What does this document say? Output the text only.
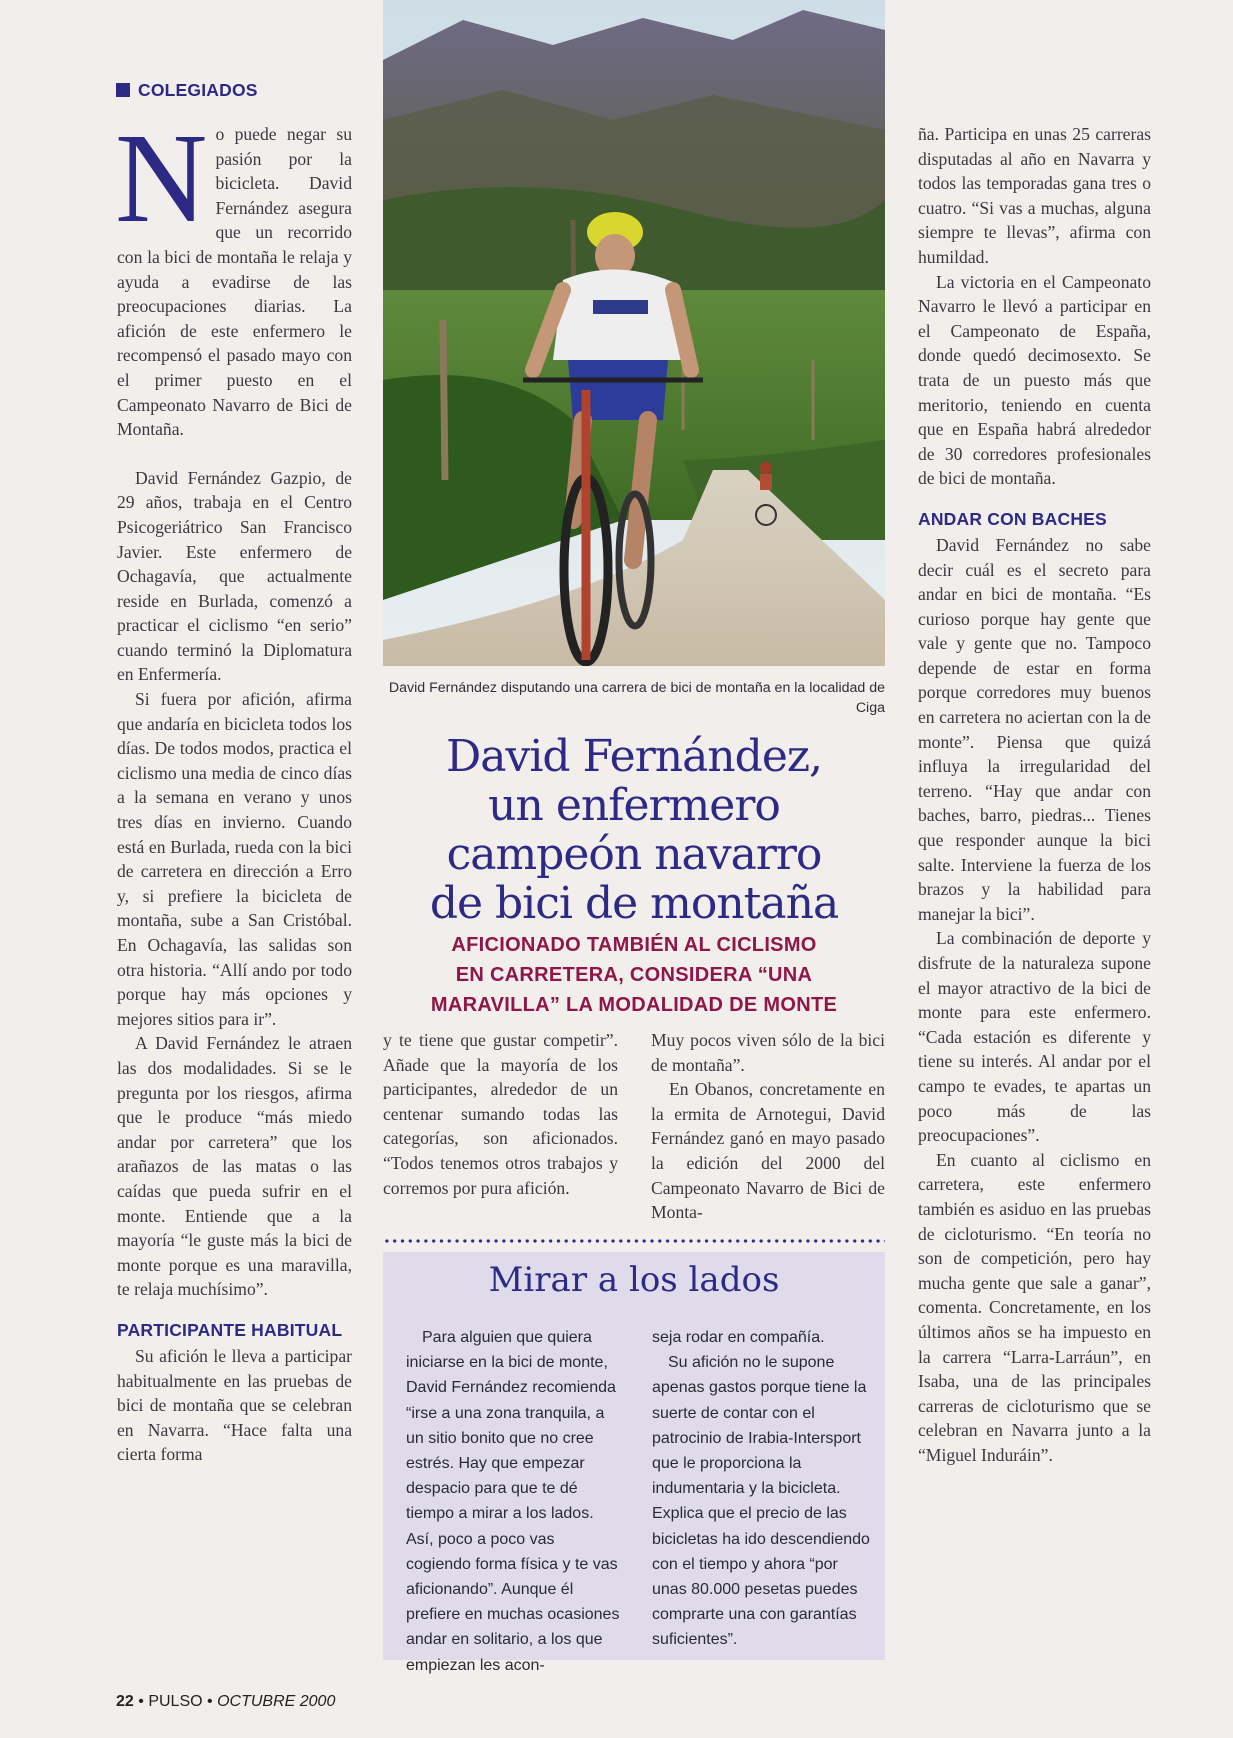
COLEGIADOS

No puede negar su pasión por la bicicleta. David Fernández asegura que un recorrido con la bici de montaña le relaja y ayuda a evadirse de las preocupaciones diarias. La afición de este enfermero le recompensó el pasado mayo con el primer puesto en el Campeonato Navarro de Bici de Montaña.

David Fernández Gazpio, de 29 años, trabaja en el Centro Psicogeriátrico San Francisco Javier. Este enfermero de Ochagavía, que actualmente reside en Burlada, comenzó a practicar el ciclismo “en serio” cuando terminó la Diplomatura en Enfermería.

Si fuera por afición, afirma que andaría en bicicleta todos los días. De todos modos, practica el ciclismo una media de cinco días a la semana en verano y unos tres días en invierno. Cuando está en Burlada, rueda con la bici de carretera en dirección a Erro y, si prefiere la bicicleta de montaña, sube a San Cristóbal. En Ochagavía, las salidas son otra historia. “Allí ando por todo porque hay más opciones y mejores sitios para ir”.

A David Fernández le atraen las dos modalidades. Si se le pregunta por los riesgos, afirma que le produce “más miedo andar por carretera” que los arañazos de las matas o las caídas que pueda sufrir en el monte. Entiende que a la mayoría “le guste más la bici de monte porque es una maravilla, te relaja muchísimo”.

PARTICIPANTE HABITUAL

Su afición le lleva a participar habitualmente en las pruebas de bici de montaña que se celebran en Navarra. “Hace falta una cierta forma

David Fernández disputando una carrera de bici de montaña en la localidad de Ciga
David Fernández,
un enfermero
campeón navarro
de bici de montaña
AFICIONADO TAMBIÉN AL CICLISMO
EN CARRETERA, CONSIDERA “UNA
MARAVILLA” LA MODALIDAD DE MONTE

y te tiene que gustar competir”. Añade que la mayoría de los participantes, alrededor de un centenar sumando todas las categorías, son aficionados. “Todos tenemos otros trabajos y corremos por pura afición.

Muy pocos viven sólo de la bici de montaña”.

En Obanos, concretamente en la ermita de Arnotegui, David Fernández ganó en mayo pasado la edición del 2000 del Campeonato Navarro de Bici de Monta-

Mirar a los lados

Para alguien que quiera iniciarse en la bici de monte, David Fernández recomienda “irse a una zona tranquila, a un sitio bonito que no cree estrés. Hay que empezar despacio para que te dé tiempo a mirar a los lados. Así, poco a poco vas cogiendo forma física y te vas aficionando”. Aunque él prefiere en muchas ocasiones andar en solitario, a los que empiezan les acon-

seja rodar en compañía.

Su afición no le supone apenas gastos porque tiene la suerte de contar con el patrocinio de Irabia-Intersport que le proporciona la indumentaria y la bicicleta. Explica que el precio de las bicicletas ha ido descendiendo con el tiempo y ahora “por unas 80.000 pesetas puedes comprarte una con garantías suficientes”.

ña. Participa en unas 25 carreras disputadas al año en Navarra y todos las temporadas gana tres o cuatro. “Si vas a muchas, alguna siempre te llevas”, afirma con humildad.

La victoria en el Campeonato Navarro le llevó a participar en el Campeonato de España, donde quedó decimosexto. Se trata de un puesto más que meritorio, teniendo en cuenta que en España habrá alrededor de 30 corredores profesionales de bici de montaña.

ANDAR CON BACHES

David Fernández no sabe decir cuál es el secreto para andar en bici de montaña. “Es curioso porque hay gente que vale y gente que no. Tampoco depende de estar en forma porque corredores muy buenos en carretera no aciertan con la de monte”. Piensa que quizá influya la irregularidad del terreno. “Hay que andar con baches, barro, piedras... Tienes que responder aunque la bici salte. Interviene la fuerza de los brazos y la habilidad para manejar la bici”.

La combinación de deporte y disfrute de la naturaleza supone el mayor atractivo de la bici de monte para este enfermero. “Cada estación es diferente y tiene su interés. Al andar por el campo te evades, te apartas un poco más de las preocupaciones”.

En cuanto al ciclismo en carretera, este enfermero también es asiduo en las pruebas de cicloturismo. “En teoría no son de competición, pero hay mucha gente que sale a ganar”, comenta. Concretamente, en los últimos años se ha impuesto en la carrera “Larra-Larráun”, en Isaba, una de las principales carreras de cicloturismo que se celebran en Navarra junto a la “Miguel Induráin”.

22 • PULSO • OCTUBRE 2000
